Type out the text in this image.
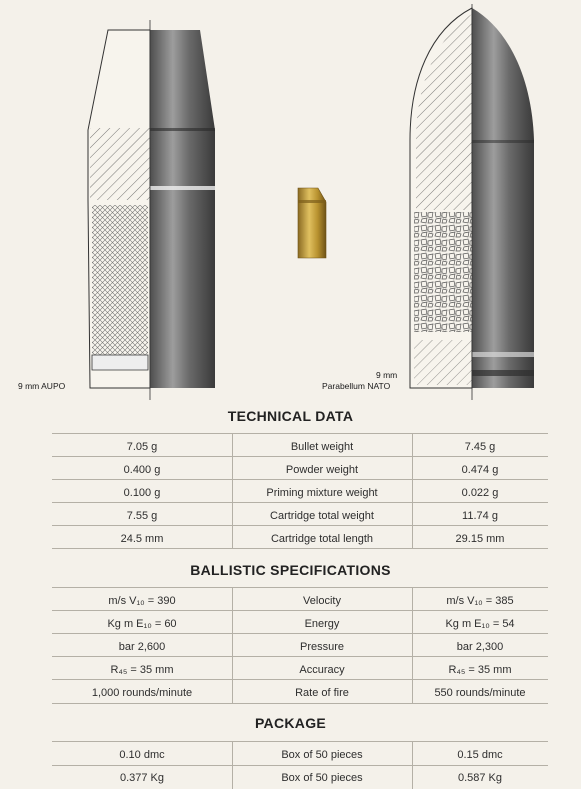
9 mm AUPO
9 mm
Parabellum NATO
TECHNICAL DATA
7.05 g	Bullet weight	7.45 g
0.400 g	Powder weight	0.474 g
0.100 g	Priming mixture weight	0.022 g
7.55 g	Cartridge total weight	11.74 g
24.5 mm	Cartridge total length	29.15 mm
BALLISTIC SPECIFICATIONS
m/s V₁₀ = 390	Velocity	m/s V₁₀ = 385
Kg m E₁₀ = 60	Energy	Kg m E₁₀ = 54
bar 2,600	Pressure	bar 2,300
R₄₅ = 35 mm	Accuracy	R₄₅ = 35 mm
1,000 rounds/minute	Rate of fire	550 rounds/minute
PACKAGE
0.10 dmc	Box of 50 pieces	0.15 dmc
0.377 Kg	Box of 50 pieces	0.587 Kg
